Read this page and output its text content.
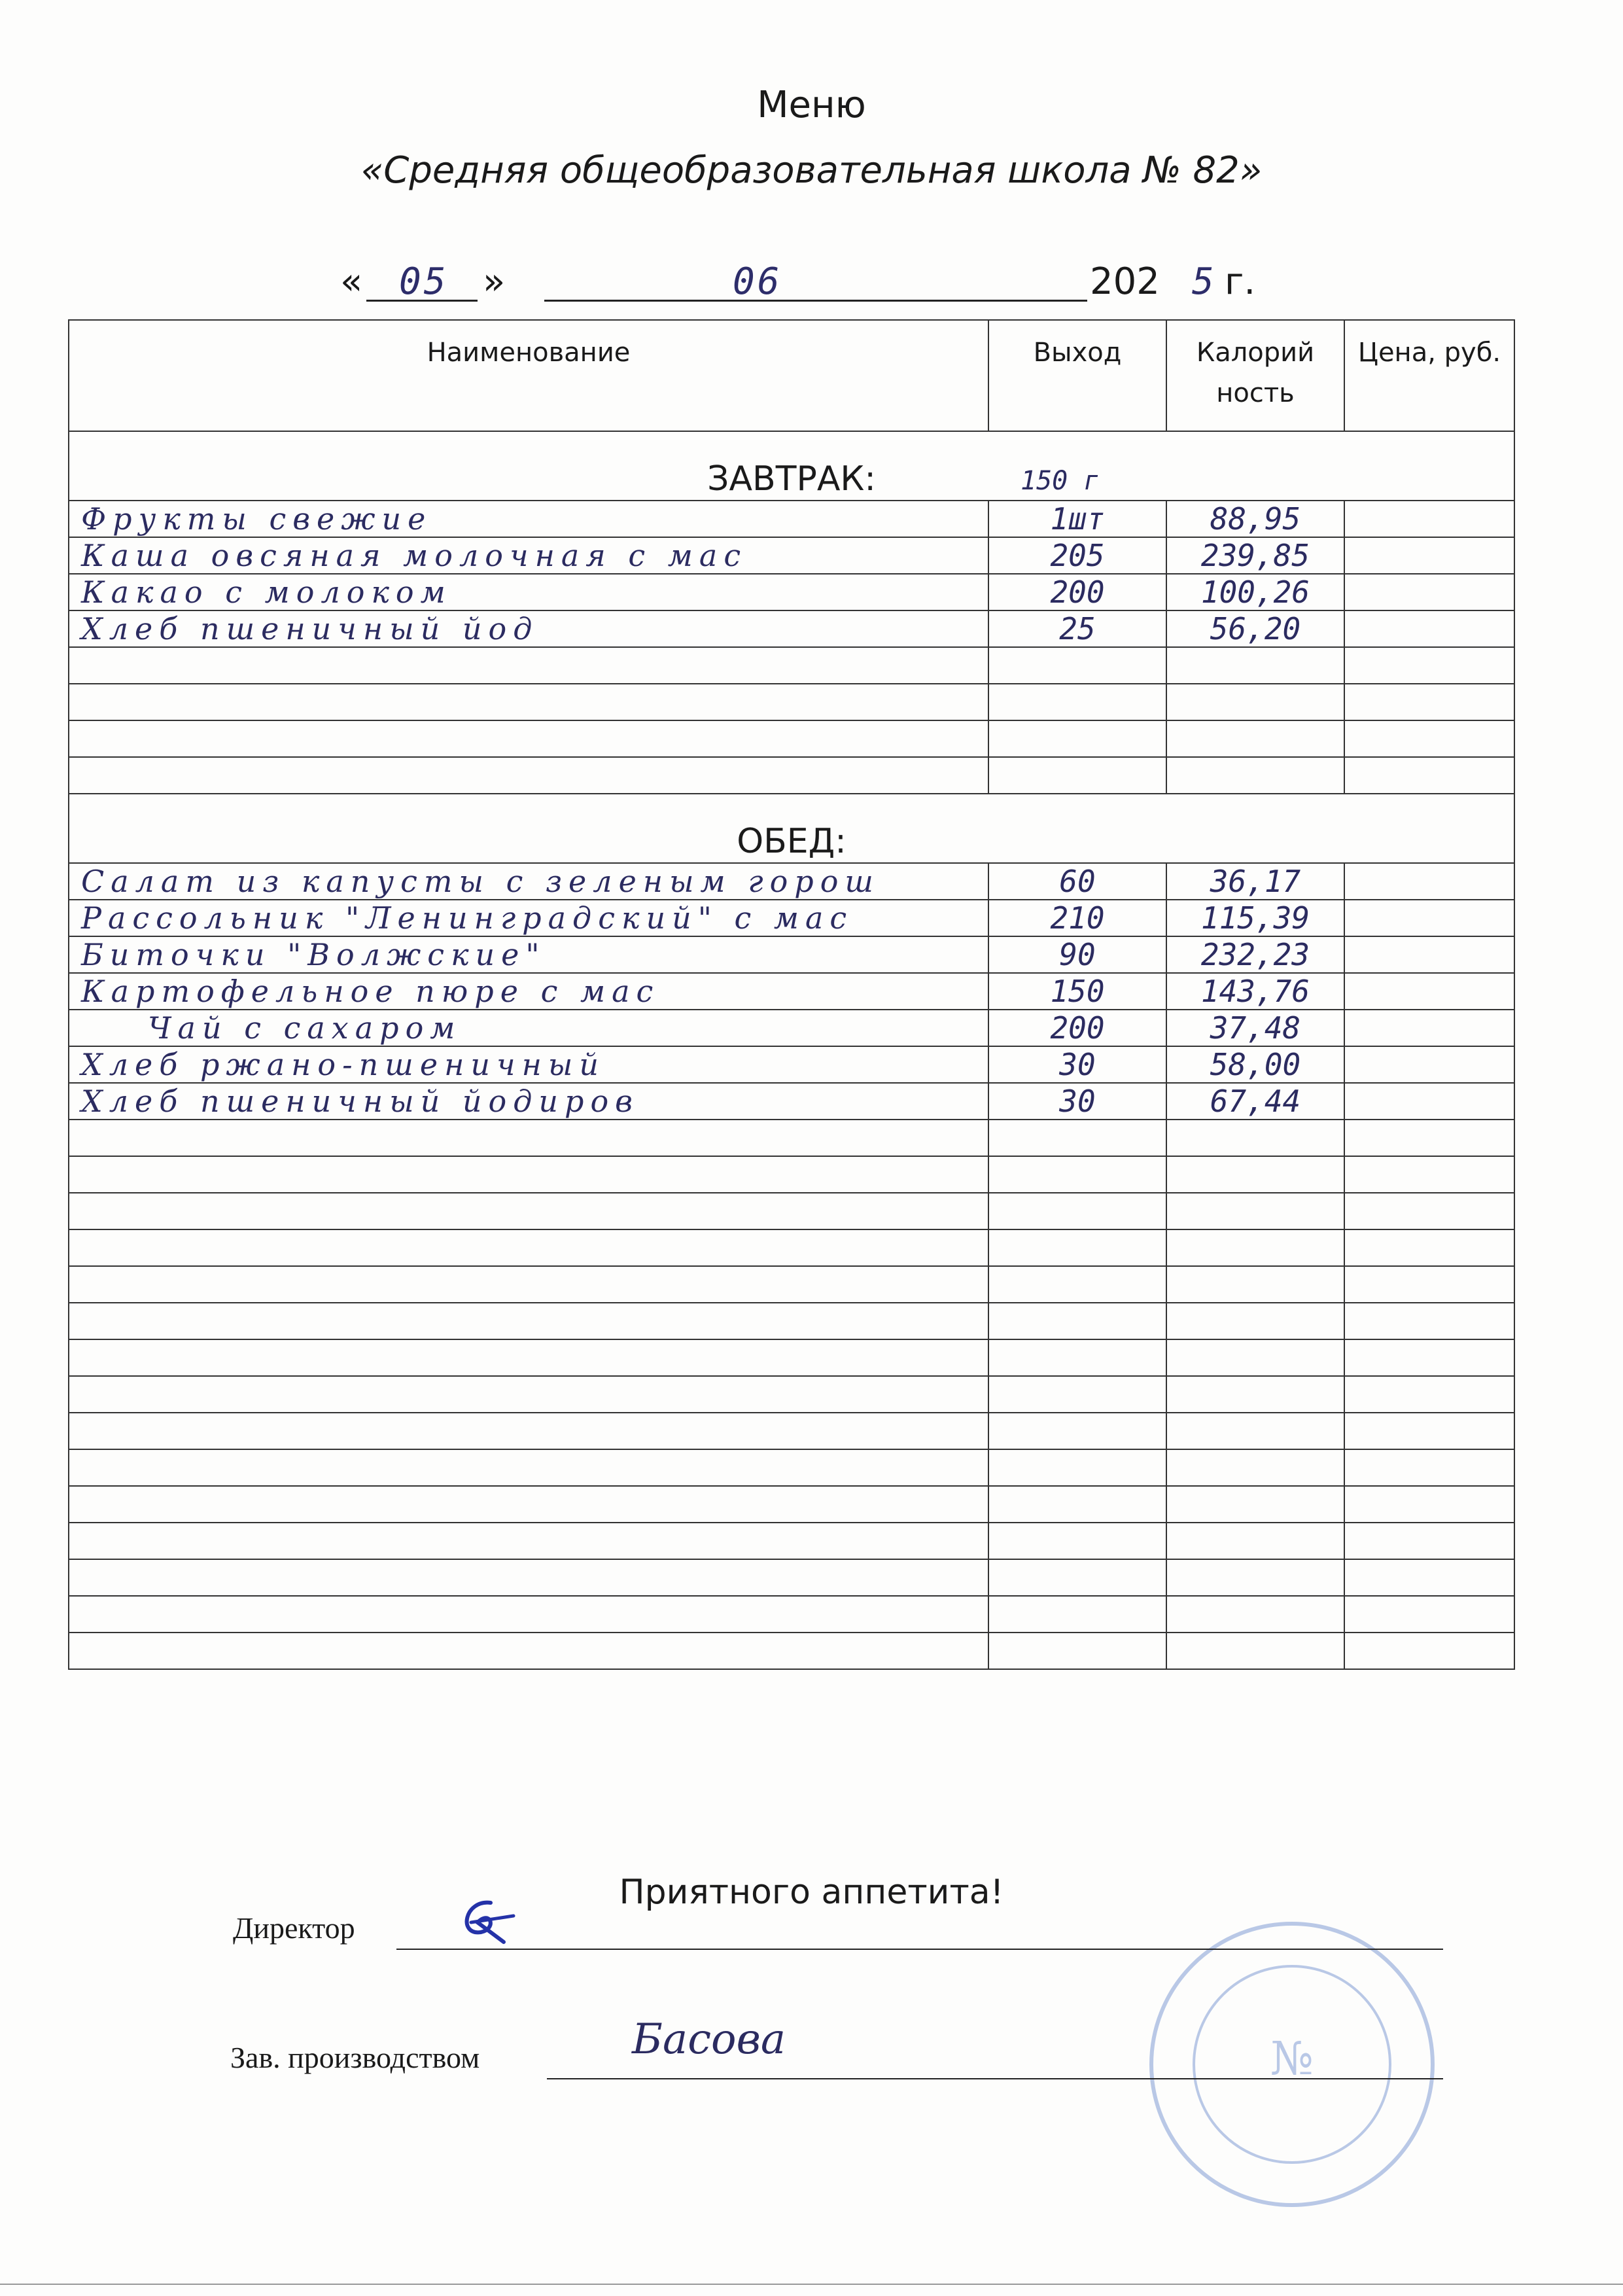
Меню
«Средняя общеобразовательная школа № 82»
« 05 »	06	202 5 г.
150 г
Наименование	Выход	Калорий ность	Цена, руб.
ЗАВТРАК:			
Фрукты свежие	1шт	88,95	
Каша овсяная молочная с мас	205	239,85	
Какао с молоком	200	100,26	
Хлеб пшеничный йод	25	56,20	

ОБЕД:			
Салат из капусты с зеленым горош	60	36,17	
Рассольник "Ленинградский" с мас	210	115,39	
Биточки "Волжские"	90	232,23	
Картофельное пюре с мас	150	143,76	
Чай с сахаром	200	37,48	
Хлеб ржано-пшеничный	30	58,00	
Хлеб пшеничный йодиров	30	67,44	

Приятного аппетита!
№
Директор
Зав. производством	Басова
